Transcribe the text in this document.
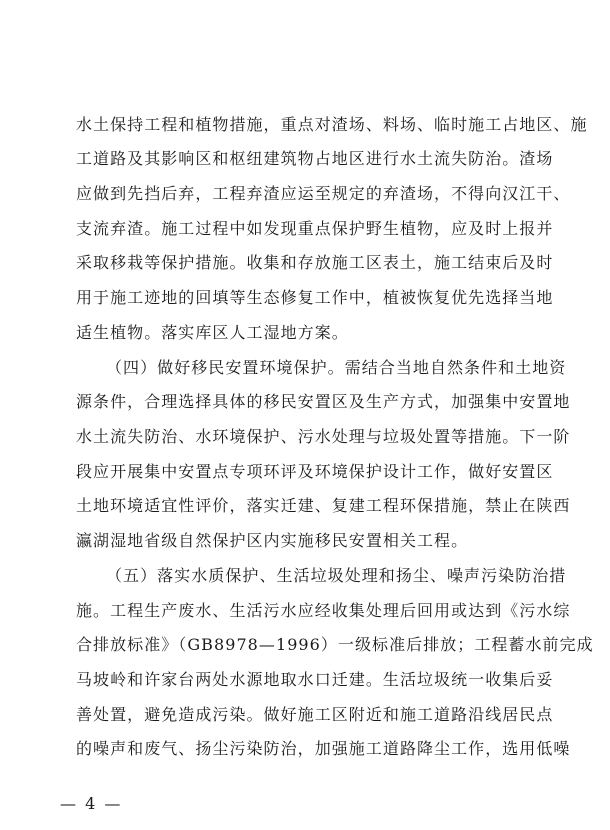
水土保持工程和植物措施，重点对渣场、料场、临时施工占地区、施
工道路及其影响区和枢纽建筑物占地区进行水土流失防治。渣场
应做到先挡后弃，工程弃渣应运至规定的弃渣场，不得向汉江干、
支流弃渣。施工过程中如发现重点保护野生植物，应及时上报并
采取移栽等保护措施。收集和存放施工区表土，施工结束后及时
用于施工迹地的回填等生态修复工作中，植被恢复优先选择当地
适生植物。落实库区人工湿地方案。
（四）做好移民安置环境保护。需结合当地自然条件和土地资
源条件，合理选择具体的移民安置区及生产方式，加强集中安置地
水土流失防治、水环境保护、污水处理与垃圾处置等措施。下一阶
段应开展集中安置点专项环评及环境保护设计工作，做好安置区
土地环境适宜性评价，落实迁建、复建工程环保措施，禁止在陕西
瀛湖湿地省级自然保护区内实施移民安置相关工程。
（五）落实水质保护、生活垃圾处理和扬尘、噪声污染防治措
施。工程生产废水、生活污水应经收集处理后回用或达到《污水综
合排放标准》（GB8978—1996）一级标准后排放；工程蓄水前完成
马坡岭和许家台两处水源地取水口迁建。生活垃圾统一收集后妥
善处置，避免造成污染。做好施工区附近和施工道路沿线居民点
的噪声和废气、扬尘污染防治，加强施工道路降尘工作，选用低噪
— 4 —
